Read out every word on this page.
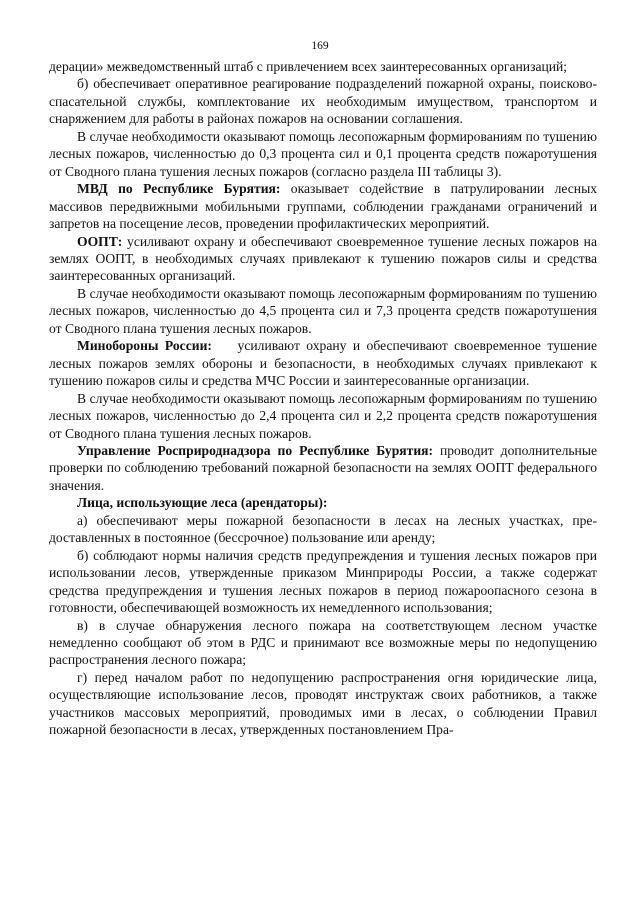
169

дерации» межведомственный штаб с привлечением всех заинтересованных организаций;

б) обеспечивает оперативное реагирование подразделений пожарной охраны, поисково-спасательной службы, комплектование их необходимым имуществом, транспортом и снаряжением для работы в районах пожаров на основании соглашения.

В случае необходимости оказывают помощь лесопожарным формированиям по тушению лесных пожаров, численностью до 0,3 процента сил и 0,1 процента средств пожаротушения от Сводного плана тушения лесных пожаров (согласно раздела III таблицы 3).

МВД по Республике Бурятия: оказывает содействие в патрулировании лесных массивов передвижными мобильными группами, соблюдении гражданами ограничений и запретов на посещение лесов, проведении профилактических мероприятий.

ООПТ: усиливают охрану и обеспечивают своевременное тушение лесных пожаров на землях ООПТ, в необходимых случаях привлекают к тушению пожаров силы и средства заинтересованных организаций.

В случае необходимости оказывают помощь лесопожарным формированиям по тушению лесных пожаров, численностью до 4,5 процента сил и 7,3 процента средств пожаротушения от Сводного плана тушения лесных пожаров.

Минобороны России:    усиливают охрану и обеспечивают своевременное тушение лесных пожаров землях обороны и безопасности, в необходимых случаях привлекают к тушению пожаров силы и средства МЧС России и заинтересованные организации.

В случае необходимости оказывают помощь лесопожарным формированиям по тушению лесных пожаров, численностью до 2,4 процента сил и 2,2 процента средств пожаротушения от Сводного плана тушения лесных пожаров.

Управление Росприроднадзора по Республике Бурятия: проводит дополнительные проверки по соблюдению требований пожарной безопасности на землях ООПТ федерального значения.

Лица, использующие леса (арендаторы):

а) обеспечивают меры пожарной безопасности в лесах на лесных участках, предоставленных в постоянное (бессрочное) пользование или аренду;

б) соблюдают нормы наличия средств предупреждения и тушения лесных пожаров при использовании лесов, утвержденные приказом Минприроды России, а также содержат средства предупреждения и тушения лесных пожаров в период пожароопасного сезона в готовности, обеспечивающей возможность их немедленного использования;

в) в случае обнаружения лесного пожара на соответствующем лесном участке немедленно сообщают об этом в РДС и принимают все возможные меры по недопущению распространения лесного пожара;

г) перед началом работ по недопущению распространения огня юридические лица, осуществляющие использование лесов, проводят инструктаж своих работников, а также участников массовых мероприятий, проводимых ими в лесах, о соблюдении Правил пожарной безопасности в лесах, утвержденных постановлением Пра-
